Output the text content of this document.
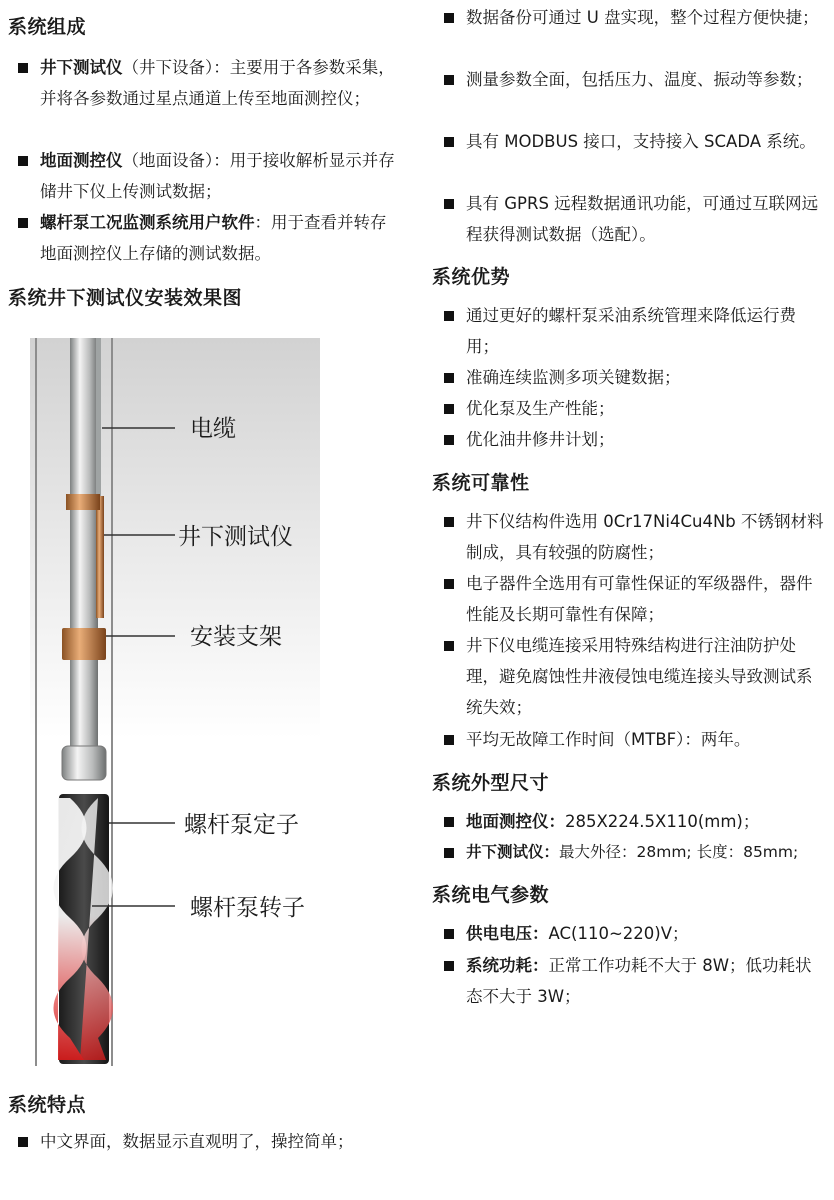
系统组成
井下测试仪（井下设备）：主要用于各参数采集，并将各参数通过星点通道上传至地面测控仪；
地面测控仪（地面设备）：用于接收解析显示并存储井下仪上传测试数据；
螺杆泵工况监测系统用户软件：用于查看并转存地面测控仪上存储的测试数据。
系统井下测试仪安装效果图
电缆
井下测试仪
安装支架
螺杆泵定子
螺杆泵转子
系统特点
中文界面，数据显示直观明了，操控简单；
数据备份可通过 U 盘实现，整个过程方便快捷；
测量参数全面，包括压力、温度、振动等参数；
具有 MODBUS 接口，支持接入 SCADA 系统。
具有 GPRS 远程数据通讯功能，可通过互联网远程获得测试数据（选配）。
系统优势
通过更好的螺杆泵采油系统管理来降低运行费用；
准确连续监测多项关键数据；
优化泵及生产性能；
优化油井修井计划；
系统可靠性
井下仪结构件选用 0Cr17Ni4Cu4Nb 不锈钢材料制成，具有较强的防腐性；
电子器件全选用有可靠性保证的军级器件，器件性能及长期可靠性有保障；
井下仪电缆连接采用特殊结构进行注油防护处理，避免腐蚀性井液侵蚀电缆连接头导致测试系统失效；
平均无故障工作时间（MTBF）：两年。
系统外型尺寸
地面测控仪：285X224.5X110(mm)；
井下测试仪：最大外径：28mm; 长度：85mm;
系统电气参数
供电电压：AC(110~220)V；
系统功耗：正常工作功耗不大于 8W；低功耗状态不大于 3W；
